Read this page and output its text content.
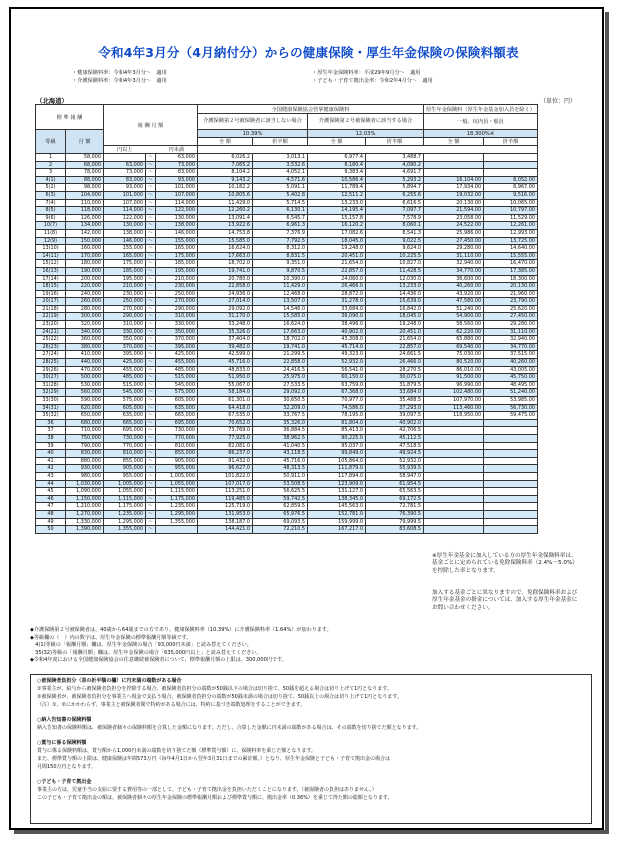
令和4年3月分（4月納付分）からの健康保険・厚生年金保険の保険料額表
・健康保険料率：令和4年3月分～　適用
・介護保険料率：令和4年3月分～　適用
・厚生年金保険料率：平成29年9月分～　適用
・子ども・子育て拠出金率：令和2年4月分～　適用
（北海道）	（単位：円）
標 準 報 酬		報 酬 月 額			全国健康保険協会管掌健康保険料				厚生年金保険料（厚生年金基金加入員を除く）	
					介護保険第２号被保険者に該当しない場合		介護保険第２号被保険者に該当する場合		一般、坑内員・船員	
等級	月 額				10.39%		12.03%		18.300%※	
					全 額	折半額	全 額	折半額	全 額	折半額
		円以上		円未満						
1	58,000		～	63,000	6,026.2	3,013.1	6,977.4	3,488.7		
2	68,000	63,000	～	73,000	7,065.2	3,532.6	8,180.4	4,090.2		
3	78,000	73,000	～	83,000	8,104.2	4,052.1	9,383.4	4,691.7		
4(1)	88,000	83,000	～	93,000	9,143.2	4,571.6	10,586.4	5,293.2	16,104.00	8,052.00
5(2)	98,000	93,000	～	101,000	10,182.2	5,091.1	11,789.4	5,894.7	17,934.00	8,967.00
6(3)	104,000	101,000	～	107,000	10,805.6	5,402.8	12,511.2	6,255.6	19,032.00	9,516.00
7(4)	110,000	107,000	～	114,000	11,429.0	5,714.5	13,233.0	6,616.5	20,130.00	10,065.00
8(5)	118,000	114,000	～	122,000	12,260.2	6,130.1	14,195.4	7,097.7	21,594.00	10,797.00
9(6)	126,000	122,000	～	130,000	13,091.4	6,545.7	15,157.8	7,578.9	23,058.00	11,529.00
10(7)	134,000	130,000	～	138,000	13,922.6	6,961.3	16,120.2	8,060.1	24,522.00	12,261.00
11(8)	142,000	138,000	～	146,000	14,753.8	7,376.9	17,082.6	8,541.3	25,986.00	12,993.00
12(9)	150,000	146,000	～	155,000	15,585.0	7,792.5	18,045.0	9,022.5	27,450.00	13,725.00
13(10)	160,000	155,000	～	165,000	16,624.0	8,312.0	19,248.0	9,624.0	29,280.00	14,640.00
14(11)	170,000	165,000	～	175,000	17,663.0	8,831.5	20,451.0	10,225.5	31,110.00	15,555.00
15(12)	180,000	175,000	～	185,000	18,702.0	9,351.0	21,654.0	10,827.0	32,940.00	16,470.00
16(13)	190,000	185,000	～	195,000	19,741.0	9,870.5	22,857.0	11,428.5	34,770.00	17,385.00
17(14)	200,000	195,000	～	210,000	20,780.0	10,390.0	24,060.0	12,030.0	36,600.00	18,300.00
18(15)	220,000	210,000	～	230,000	22,858.0	11,429.0	26,466.0	13,233.0	40,260.00	20,130.00
19(16)	240,000	230,000	～	250,000	24,936.0	12,468.0	28,872.0	14,436.0	43,920.00	21,960.00
20(17)	260,000	250,000	～	270,000	27,014.0	13,507.0	31,278.0	15,639.0	47,580.00	23,790.00
21(18)	280,000	270,000	～	290,000	29,092.0	14,546.0	33,684.0	16,842.0	51,240.00	25,620.00
22(19)	300,000	290,000	～	310,000	31,170.0	15,585.0	36,090.0	18,045.0	54,900.00	27,450.00
23(20)	320,000	310,000	～	330,000	33,248.0	16,624.0	38,496.0	19,248.0	58,560.00	29,280.00
24(21)	340,000	330,000	～	350,000	35,326.0	17,663.0	40,902.0	20,451.0	62,220.00	31,110.00
25(22)	360,000	350,000	～	370,000	37,404.0	18,702.0	43,308.0	21,654.0	65,880.00	32,940.00
26(23)	380,000	370,000	～	395,000	39,482.0	19,741.0	45,714.0	22,857.0	69,540.00	34,770.00
27(24)	410,000	395,000	～	425,000	42,599.0	21,299.5	49,323.0	24,661.5	75,030.00	37,515.00
28(25)	440,000	425,000	～	455,000	45,716.0	22,858.0	52,932.0	26,466.0	80,520.00	40,260.00
29(26)	470,000	455,000	～	485,000	48,833.0	24,416.5	56,541.0	28,270.5	86,010.00	43,005.00
30(27)	500,000	485,000	～	515,000	51,950.0	25,975.0	60,150.0	30,075.0	91,500.00	45,750.00
31(28)	530,000	515,000	～	545,000	55,067.0	27,533.5	63,759.0	31,879.5	96,990.00	48,495.00
32(29)	560,000	545,000	～	575,000	58,184.0	29,092.0	67,368.0	33,684.0	102,480.00	51,240.00
33(30)	590,000	575,000	～	605,000	61,301.0	30,650.5	70,977.0	35,488.5	107,970.00	53,985.00
34(31)	620,000	605,000	～	635,000	64,418.0	32,209.0	74,586.0	37,293.0	113,460.00	56,730.00
35(32)	650,000	635,000	～	665,000	67,535.0	33,767.5	78,195.0	39,097.5	118,950.00	59,475.00
36	680,000	665,000	～	695,000	70,652.0	35,326.0	81,804.0	40,902.0		
37	710,000	695,000	～	730,000	73,769.0	36,884.5	85,413.0	42,706.5		
38	750,000	730,000	～	770,000	77,925.0	38,962.5	90,225.0	45,112.5		
39	790,000	770,000	～	810,000	82,081.0	41,040.5	95,037.0	47,518.5		
40	830,000	810,000	～	855,000	86,237.0	43,118.5	99,849.0	49,924.5		
41	880,000	855,000	～	905,000	91,432.0	45,716.0	105,864.0	52,932.0		
42	930,000	905,000	～	955,000	96,627.0	48,313.5	111,879.0	55,939.5		
43	980,000	955,000	～	1,005,000	101,822.0	50,911.0	117,894.0	58,947.0		
44	1,030,000	1,005,000	～	1,055,000	107,017.0	53,508.5	123,909.0	61,954.5		
45	1,090,000	1,055,000	～	1,115,000	113,251.0	56,625.5	131,127.0	65,563.5		
46	1,150,000	1,115,000	～	1,175,000	119,485.0	59,742.5	138,345.0	69,172.5		
47	1,210,000	1,175,000	～	1,235,000	125,719.0	62,859.5	145,563.0	72,781.5		
48	1,270,000	1,235,000	～	1,295,000	131,953.0	65,976.5	152,781.0	76,390.5		
49	1,330,000	1,295,000	～	1,355,000	138,187.0	69,093.5	159,999.0	79,999.5		
50	1,390,000	1,355,000	～		144,421.0	72,210.5	167,217.0	83,608.5		
※厚生年金基金に加入している方の厚生年金保険料率は、基金ごとに定められている免除保険料率（2.4%～5.0%）を控除した率となります。
加入する基金ごとに異なりますので、免除保険料率および厚生年金基金の掛金については、加入する厚生年金基金にお問い合わせください。
◆介護保険第２号被保険者は、40歳から64歳までの方であり、健康保険料率（10.39%）に介護保険料率（1.64%）が加わります。
◆等級欄の（　）内の数字は、厚生年金保険の標準報酬月額等級です。
　4(1)等級の「報酬月額」欄は、厚生年金保険の場合「93,000円未満」と読み替えてください。
　35(32)等級の「報酬月額」欄は、厚生年金保険の場合「635,000円以上」と読み替えてください。
◆令和4年度における全国健康保険協会の任意継続被保険者について、標準報酬月額の上限は、300,000円です。

○被保険者負担分（表の折半額の欄）に円未満の端数がある場合

①事業主が、給与から被保険者負担分を控除する場合、被保険者負担分の端数が50銭以下の場合は切り捨て、50銭を超える場合は切り上げて1円となります。

②被保険者が、被保険者負担分を事業主へ現金で支払う場合、被保険者負担分の端数が50銭未満の場合は切り捨て、50銭以上の場合は切り上げて1円となります。

（注）①、②にかかわらず、事業主と被保険者間で特約がある場合には、特約に基づき端数処理をすることができます。

○納入告知書の保険料額

納入告知書の保険料額は、被保険者個々の保険料額を合算した金額になります。ただし、合算した金額に円未満の端数がある場合は、その端数を切り捨てた額となります。

○賞与に係る保険料額

賞与に係る保険料額は、賞与額から1,000円未満の端数を切り捨てた額（標準賞与額）に、保険料率を乗じた額となります。

また、標準賞与額の上限は、健康保険は年間573万円（毎年4月1日から翌年3月31日までの累計額。）となり、厚生年金保険と子ども・子育て拠出金の場合は

月間150万円となります。

○子ども・子育て拠出金

事業主の方は、児童手当の支給に要する費用等の一部として、子ども・子育て拠出金を負担いただくことになります。（被保険者の負担はありません。）

この子ども・子育て拠出金の額は、被保険者個々の厚生年金保険の標準報酬月額および標準賞与額に、拠出金率（0.36%）を乗じて得た額の総額となります。
